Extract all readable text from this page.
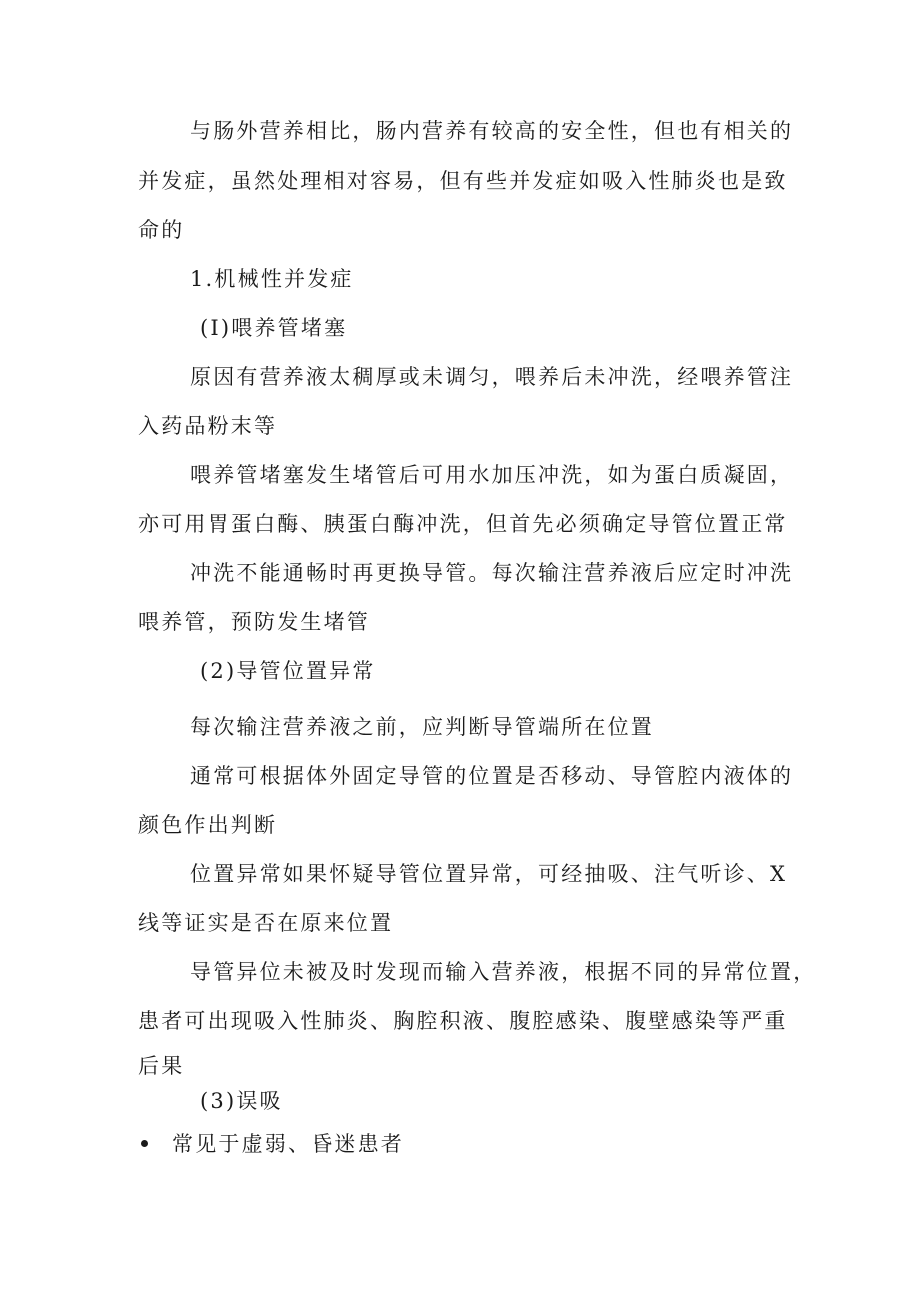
与肠外营养相比，肠内营养有较高的安全性，但也有相关的
并发症，虽然处理相对容易，但有些并发症如吸入性肺炎也是致
命的
1.机械性并发症
(I)喂养管堵塞
原因有营养液太稠厚或未调匀，喂养后未冲洗，经喂养管注
入药品粉末等
喂养管堵塞发生堵管后可用水加压冲洗，如为蛋白质凝固，
亦可用胃蛋白酶、胰蛋白酶冲洗，但首先必须确定导管位置正常
冲洗不能通畅时再更换导管。每次输注营养液后应定时冲洗
喂养管，预防发生堵管
(2)导管位置异常
每次输注营养液之前，应判断导管端所在位置
通常可根据体外固定导管的位置是否移动、导管腔内液体的
颜色作出判断
位置异常如果怀疑导管位置异常，可经抽吸、注气听诊、X
线等证实是否在原来位置
导管异位未被及时发现而输入营养液，根据不同的异常位置，
患者可出现吸入性肺炎、胸腔积液、腹腔感染、腹壁感染等严重
后果
(3)误吸
常见于虚弱、昏迷患者
